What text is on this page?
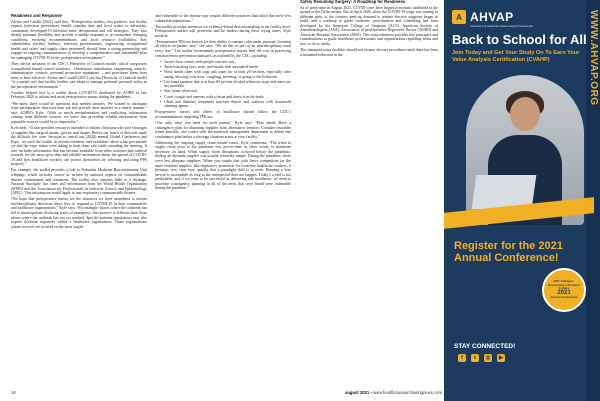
Readiness and Response

Alvino and Caudill (2021) said that, “Perioperative leaders, less partners, and facility experts (infection prevention) should consider date and local orders or advisories, community developed-19 infection rates, deformation and roll strategies. They also should maintain flexibility and provide a nimble response to accommodate changing conditions, evolving recommendations, and local resource availability. Key stakeholders (facility leaders), infection preventionists, engineering, occupational health and safety and supply chain personnel) should form a strong partnership and engage in ongoing communication to develop a comprehensive and sustainable plan for managing COVID-19 in the perioperative environment.”

They advise adoption of the CDC’s Hierarchy of Controls model, which categorizes occupational hazard control solutions – elimination, substitution, engineering controls, administrative controls, personal protective equipment – and prioritizes them from most to least effective. Alvino and Caudill (2021) say this Hierarchy of Controls model “is a useful tool that facility leaders can adapt to manage potential personal safety in the perioperative environment.”

Another helpful tool is a toolkit about COVID-19 developed by AORN in late February 2020 to inform and assist perioperative nurses during the pandemic.

“We knew there would be questions that needed answers. We wanted to anticipate what perioperative clinicians may ask and provide these answers in a timely manner,” says AORN’s Kyle. “With so much misinformation and conflicting information coming from different sources, we knew that providing reliable information from reputable sources would be so imperative.”

Kyle adds, “It also provides resources intended to inform clinicians who face shortages of supplies like surgical masks, gowns, and drapes. Before our board of directors made the difficult, but wise, decision to cancel our (2020) annual Global Conference and Expo, we used the toolkit to inform members and exhibitors about what precautions we and the expo venue were taking to keep them safe while attending the meeting. It now includes information that has become available from other societies and medical journals for the most up-to-date and reliable information about the spread of COVID-19 and how healthcare workers can protect themselves by selecting and using PPE properly.”

For example, the toolkit provides a link to Nebraska Medicine Biocontainment Unit webpage, which includes source as written by national experts on communicable disease containment and treatment. The toolkit also contains links to a Strategic National Stockpile fact sheet and information from the World Health Organization (WHO) and the Association for Professionals in Infection Control and Epidemiology (APIC). This information would apply to any respiratory communicable disease.

“We hope that perioperative nurses see the resources we have assembled to inform interdisciplinary decisions about how to respond to COVID-19 in their communities and healthcare organizations,” Kyle says. “For example, places where the outbreak has led to municipalities declaring states of emergency, the resource is different than those places where the outbreak has not yet reached. Specific patients populations may also require different responses within a healthcare organization. Those organizations whose services are focused on the most fragile

and vulnerable to the disease may require different practices than those that serve less vulnerable populations.”

The toolkit provides resources for evidence-based decision-making at the facility level. Perioperative nurses will persevere and be leaders during these trying times, Kyle predicts.

“Perioperative RNs are known for their ability to remain calm under pressure, focusing all efforts on patient care,” she says. “We do this as part of an interdisciplinary team every day.” The toolkit recommends perioperative nurses lead the way in practicing common-sense prevention measures, as outlined by the CDC, including:

• Avoid close contact with people who are sick.
• Avoid touching eyes, nose, and mouth with unwashed hands.
• Wash hands often with soap and water for at least 20 seconds, especially after eating, blowing your nose, coughing, sneezing, or going to the bathroom.
• Use hand sanitizer that is at least 60 percent alcohol whenever soap and water are not available.
• Stay home when sick.
• Cover coughs and sneezes with a tissue and throw it in the trash.
• Clean and disinfect frequently touched objects and surfaces with household cleaning agents.

Perioperative nurses and others in healthcare should follow the CDC’s recommendations regarding PPE use.

“Use only what you need for each patient,” Kyle says. “Plan ahead. Have a contingency plan for obtaining supplies from alternative vendors. Consider reusables where possible, and confer with the materials management department to define this continuance plan before a shortage situation arises at your facility.”

Addressing the ongoing supply chain-related issues, Kyle comments, “The trend in supply chain prior to the pandemic was just-in-time, in other words, to minimize inventory on hand. When supply chain disruptions occurred before the pandemic, finding an alternate supplier was usually relatively simple. During the pandemic, there were few alternate suppliers. When you couple that with fierce competition for the same essential supplies, like respiratory protection for front-line healthcare workers, it becomes very clear very quickly that a paradigm shift is in order. Running a lean service is sustainable as long as the unexpected does not happen. Today’s world is not predictable, and if we want to be successful in delivering safe healthcare, we need to prioritize contingency planning in all of the areas that were found were vulnerable during the pandemic.”

Safely Resuming Surgery: A Roadmap for Readiness

As of press-time in August 2021, COVID cases have begun to escalate, attributed to the spread of the Delta variant. But in April 2020, when the COVID-19 surge was waning in different parts of the country, pent-up demand to resume elective surgeries began to build, and a roadmap to guide readiness, prioritization and scheduling had been developed by the American College of Surgeons (ACS), American Society of Anesthesiologists (ASA), Association of periOperative Registered Nurses (AORN) and American Hospital Association (AHA). This joint statement provides key principles and considerations to guide healthcare professionals and organizations regarding when and how to do so safely.

The statement notes facilities should not resume elective procedures until there has been a sustained reduction in the

18	august 2021 • www.healthcarepurchasingnews.com
WWW.AHVAP.ORG
A AHVAP
Association of Healthcare Value Analysis Professionals
Back to School for All
Join Today and Get Your Study On To Earn Your Value Analysis Certification (CVAHP)
Register for the 2021 Annual Conference!
360° Changes:
Developing a Resilient Culture
2021
Annual Conference
STAY CONNECTED!
f	t	◎	▶
